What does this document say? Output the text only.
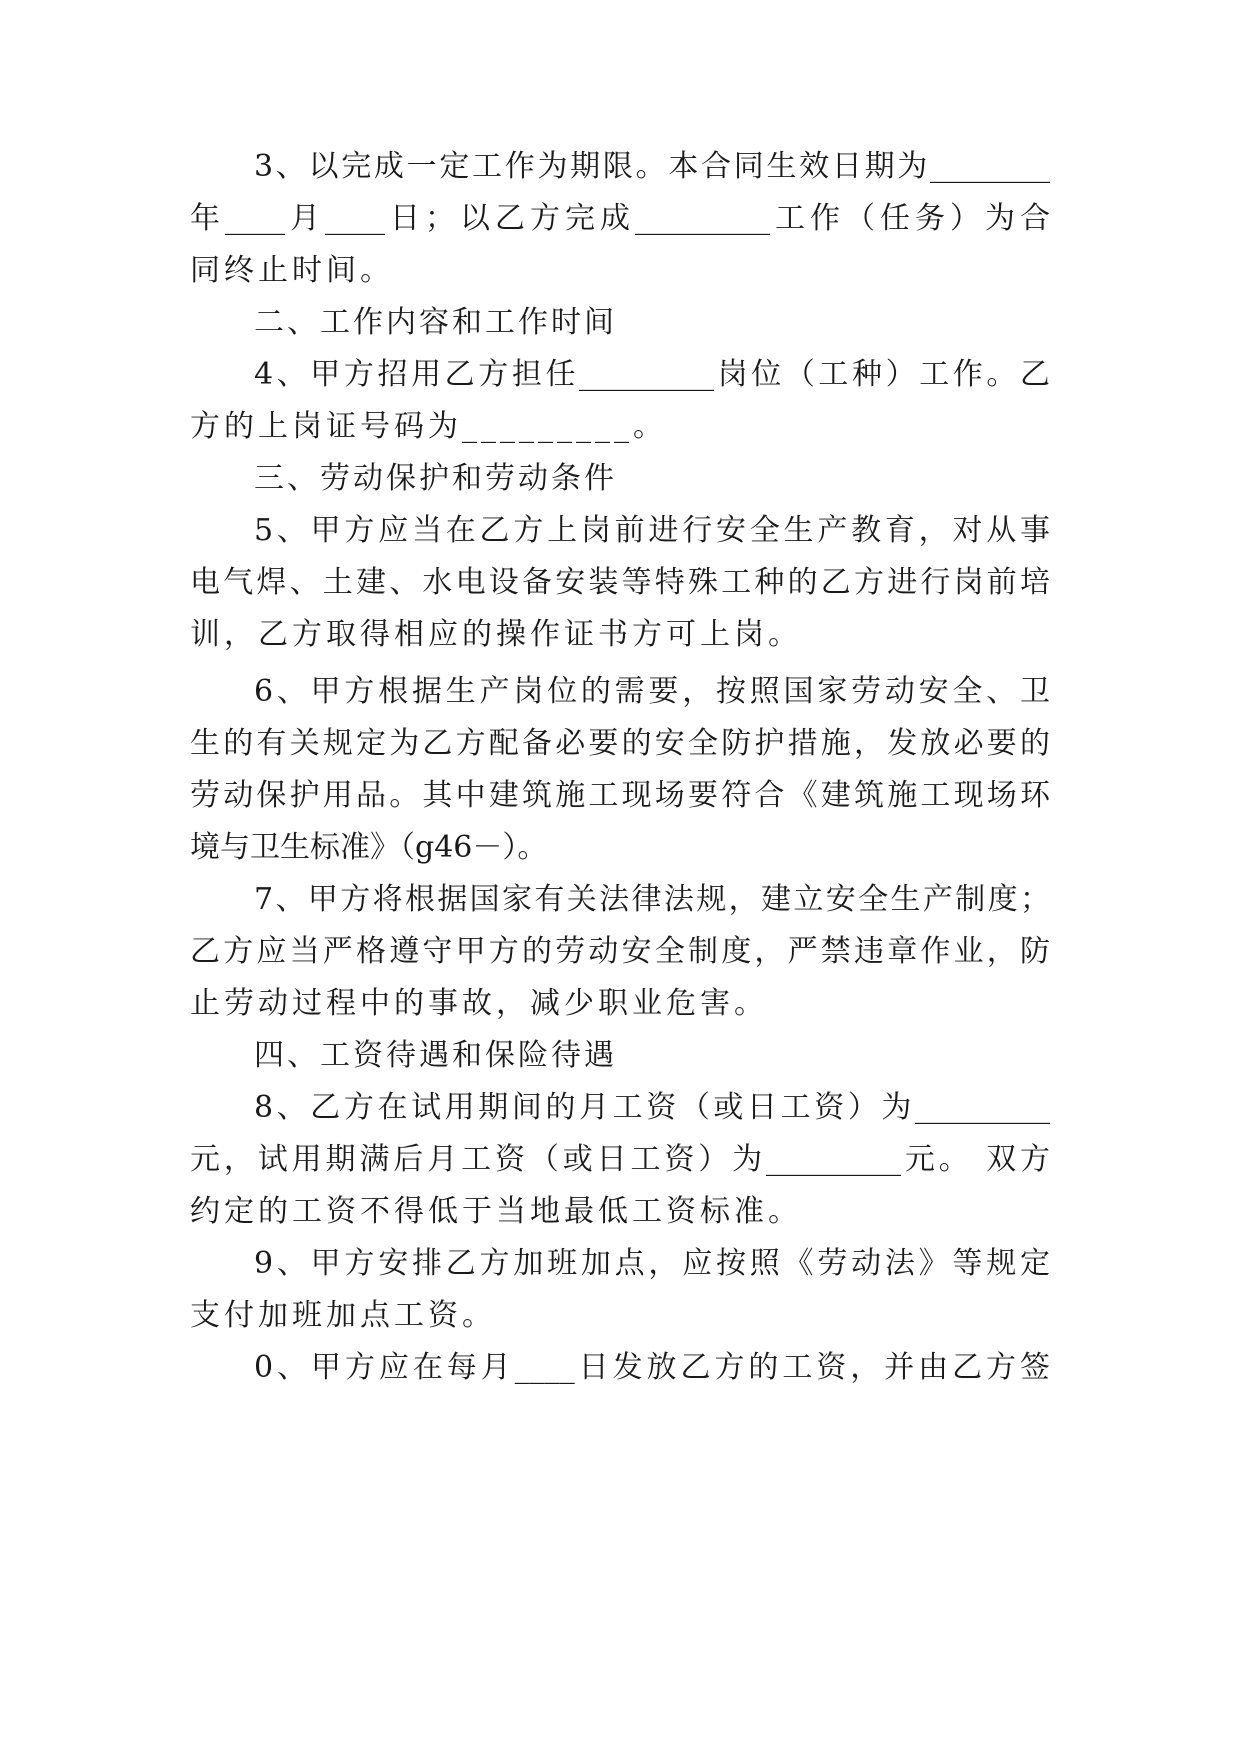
3、以完成一定工作为期限。本合同生效日期为________
年____月____日；以乙方完成_________工作（任务）为合
同终止时间。
二、工作内容和工作时间
4、甲方招用乙方担任_________岗位（工种）工作。乙
方的上岗证号码为_________。
三、劳动保护和劳动条件
5、甲方应当在乙方上岗前进行安全生产教育，对从事
电气焊、土建、水电设备安装等特殊工种的乙方进行岗前培
训，乙方取得相应的操作证书方可上岗。
6、甲方根据生产岗位的需要，按照国家劳动安全、卫
生的有关规定为乙方配备必要的安全防护措施，发放必要的
劳动保护用品。其中建筑施工现场要符合《建筑施工现场环
境与卫生标准》（g46－）。
7、甲方将根据国家有关法律法规，建立安全生产制度；
乙方应当严格遵守甲方的劳动安全制度，严禁违章作业，防
止劳动过程中的事故，减少职业危害。
四、工资待遇和保险待遇
8、乙方在试用期间的月工资（或日工资）为_________
元，试用期满后月工资（或日工资）为_________元。 双方
约定的工资不得低于当地最低工资标准。
9、甲方安排乙方加班加点，应按照《劳动法》等规定
支付加班加点工资。
0、甲方应在每月____日发放乙方的工资，并由乙方签
